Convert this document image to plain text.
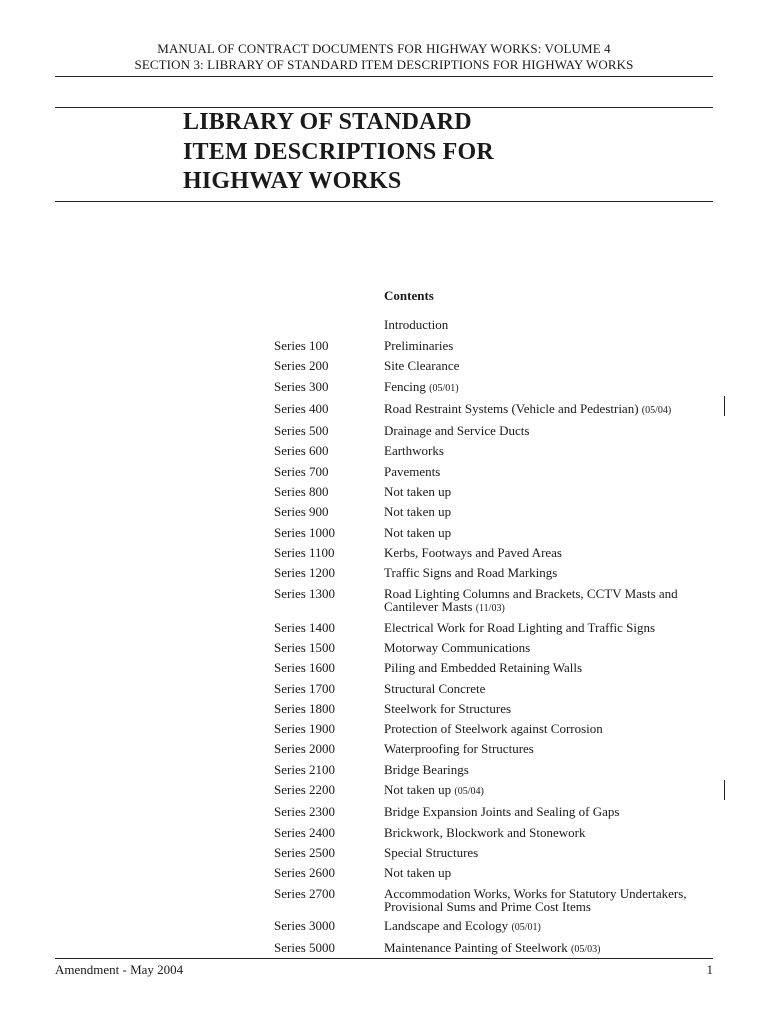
MANUAL OF CONTRACT DOCUMENTS FOR HIGHWAY WORKS: VOLUME 4
SECTION 3: LIBRARY OF STANDARD ITEM DESCRIPTIONS FOR HIGHWAY WORKS
LIBRARY OF STANDARD
ITEM DESCRIPTIONS FOR
HIGHWAY WORKS
Contents
Introduction
Series 100	Preliminaries
Series 200	Site Clearance
Series 300	Fencing (05/01)
Series 400	Road Restraint Systems (Vehicle and Pedestrian) (05/04)
Series 500	Drainage and Service Ducts
Series 600	Earthworks
Series 700	Pavements
Series 800	Not taken up
Series 900	Not taken up
Series 1000	Not taken up
Series 1100	Kerbs, Footways and Paved Areas
Series 1200	Traffic Signs and Road Markings
Series 1300	Road Lighting Columns and Brackets, CCTV Masts and Cantilever Masts (11/03)
Series 1400	Electrical Work for Road Lighting and Traffic Signs
Series 1500	Motorway Communications
Series 1600	Piling and Embedded Retaining Walls
Series 1700	Structural Concrete
Series 1800	Steelwork for Structures
Series 1900	Protection of Steelwork against Corrosion
Series 2000	Waterproofing for Structures
Series 2100	Bridge Bearings
Series 2200	Not taken up (05/04)
Series 2300	Bridge Expansion Joints and Sealing of Gaps
Series 2400	Brickwork, Blockwork and Stonework
Series 2500	Special Structures
Series 2600	Not taken up
Series 2700	Accommodation Works, Works for Statutory Undertakers, Provisional Sums and Prime Cost Items
Series 3000	Landscape and Ecology (05/01)
Series 5000	Maintenance Painting of Steelwork (05/03)
Amendment - May 2004	1
